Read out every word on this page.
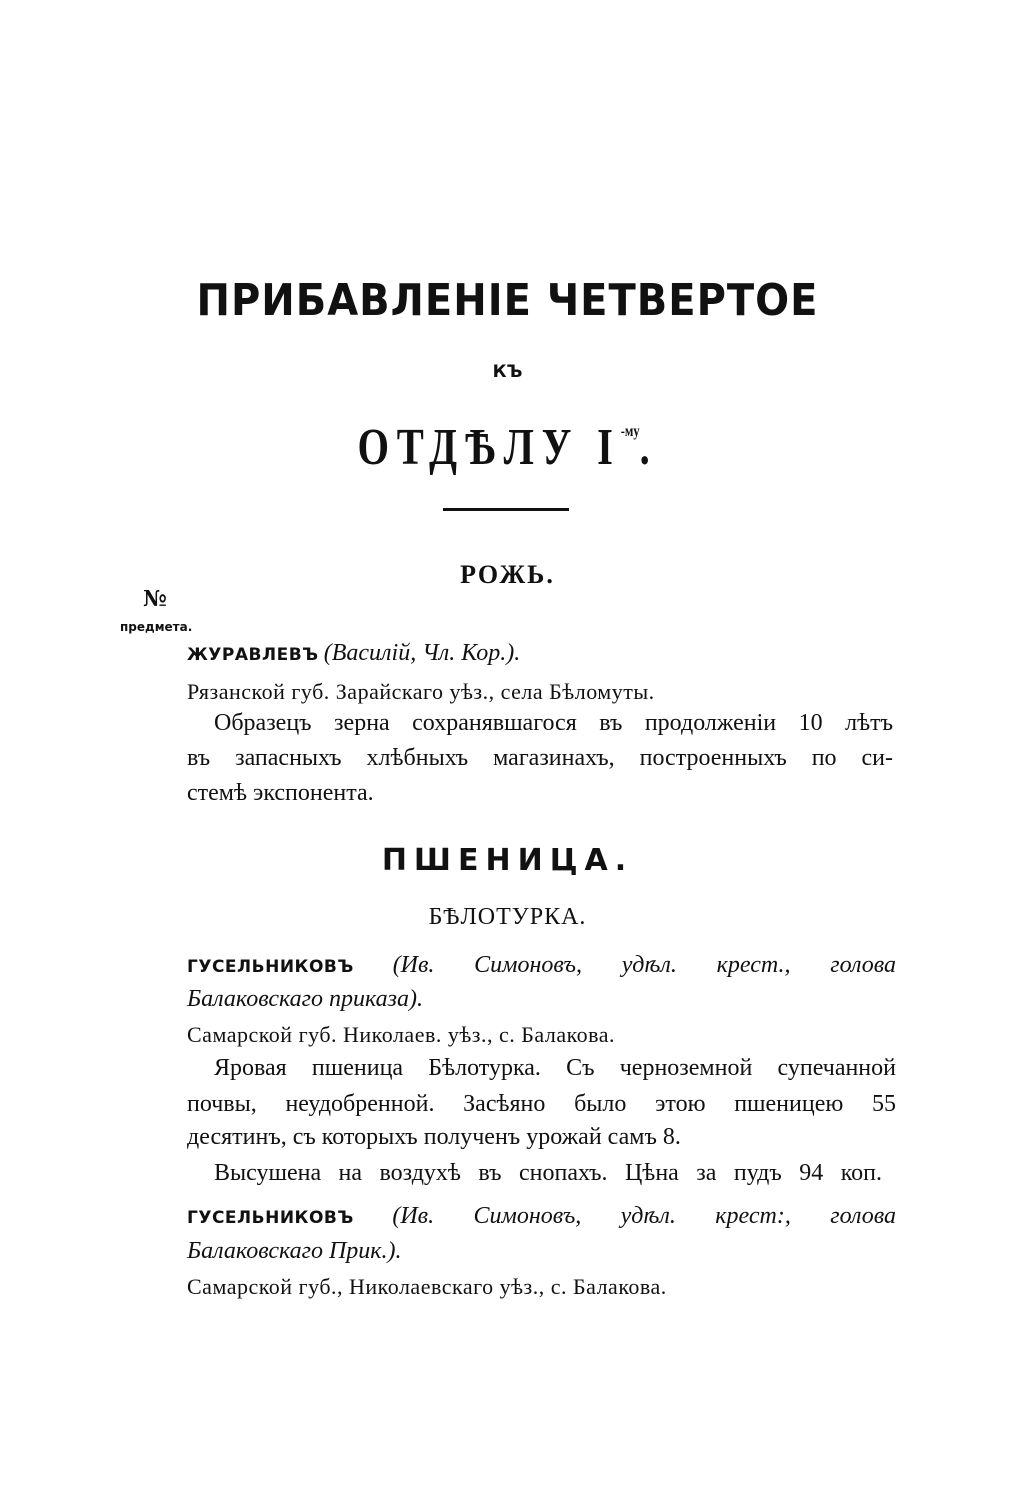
ПРИБАВЛЕНІЕ ЧЕТВЕРТОЕ
КЪ
ОТДѢЛУ $I^{-му}$.
РОЖЬ.
№
предмета.
ЖУРАВЛЕВЪ (Василій, Чл. Кор.).
Рязанской губ. Зарайскаго уѣз., села Бѣломуты.
Образецъ зерна сохранявшагося въ продолженіи 10 лѣтъ
въ запасныхъ хлѣбныхъ магазинахъ, построенныхъ по си-
стемѣ экспонента.
ПШЕНИЦА.
БѢЛОТУРКА.
ГУСЕЛЬНИКОВЪ (Ив. Симоновъ, удѣл. крест., голова
Балаковскаго приказа).
Самарской губ. Николаев. уѣз., с. Балакова.
Яровая пшеница Бѣлотурка. Съ черноземной супечанной
почвы, неудобренной. Засѣяно было этою пшеницею 55
десятинъ, съ которыхъ полученъ урожай самъ 8.
Высушена на воздухѣ въ снопахъ. Цѣна за пудъ 94 коп.
ГУСЕЛЬНИКОВЪ (Ив. Симоновъ, удѣл. крест:, голова
Балаковскаго Прик.).
Самарской губ., Николаевскаго уѣз., с. Балакова.
